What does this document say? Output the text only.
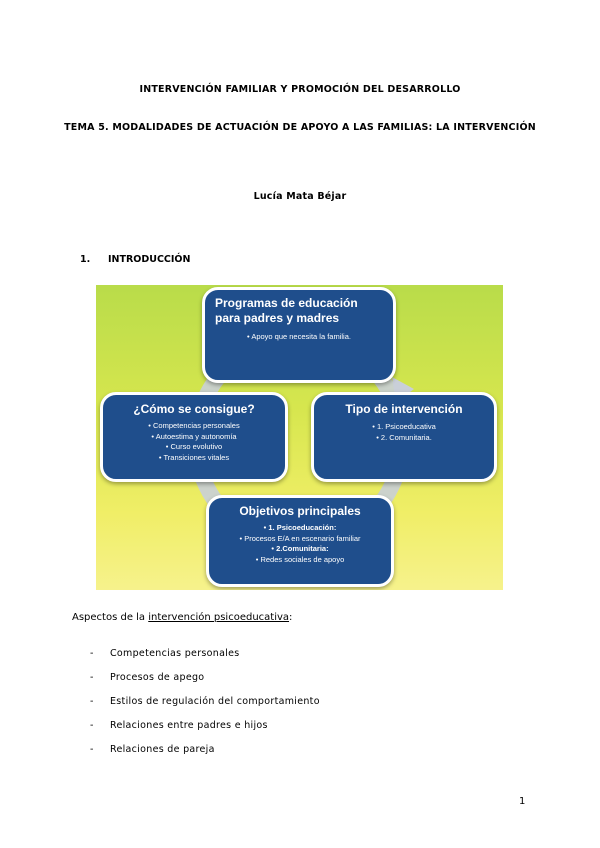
INTERVENCIÓN FAMILIAR Y PROMOCIÓN DEL DESARROLLO
TEMA 5. MODALIDADES DE ACTUACIÓN DE APOYO A LAS FAMILIAS: LA INTERVENCIÓN
Lucía Mata Béjar
1. INTRODUCCIÓN
Programas de educación para padres y madres
• Apoyo que necesita la familia.
Tipo de intervención
• 1. Psicoeducativa
• 2. Comunitaria.
¿Cómo se consigue?
• Competencias personales
• Autoestima y autonomía
• Curso evolutivo
• Transiciones vitales
Objetivos principales
• 1. Psicoeducación:
• Procesos E/A en escenario familiar
• 2.Comunitaria:
• Redes sociales de apoyo
Aspectos de la intervención psicoeducativa:
- Competencias personales
- Procesos de apego
- Estilos de regulación del comportamiento
- Relaciones entre padres e hijos
- Relaciones de pareja
1
